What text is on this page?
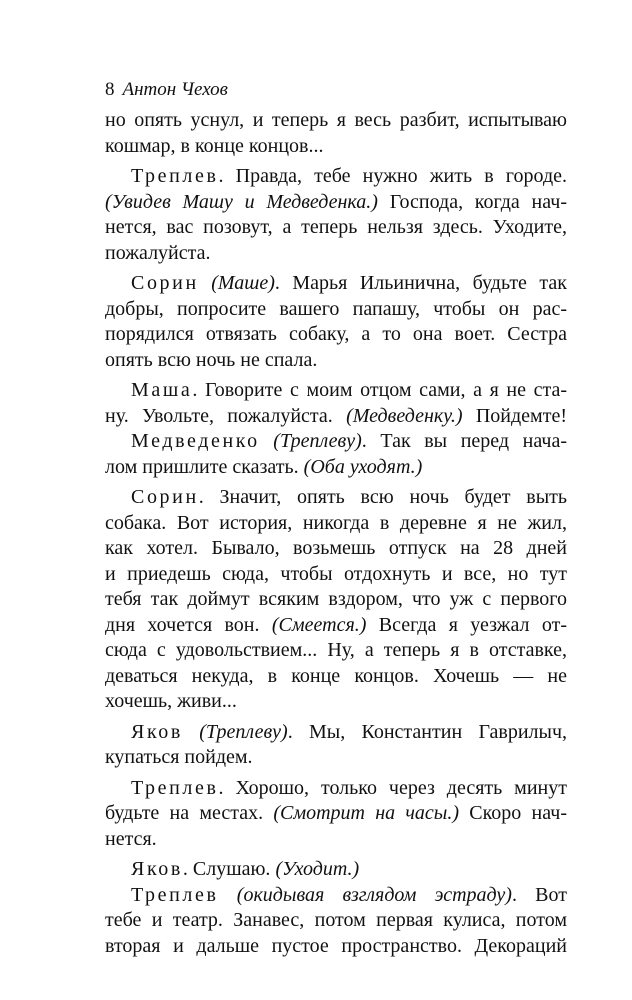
8 Антон Чехов
но опять уснул, и теперь я весь разбит, испытываю
кошмар, в конце концов...
Треплев. Правда, тебе нужно жить в городе.
(Увидев Машу и Медведенка.) Господа, когда нач-
нется, вас позовут, а теперь нельзя здесь. Уходите,
пожалуйста.
Сорин (Маше). Марья Ильинична, будьте так
добры, попросите вашего папашу, чтобы он рас-
порядился отвязать собаку, а то она воет. Сестра
опять всю ночь не спала.
Маша. Говорите с моим отцом сами, а я не ста-
ну. Увольте, пожалуйста. (Медведенку.) Пойдемте!
Медведенко (Треплеву). Так вы перед нача-
лом пришлите сказать. (Оба уходят.)
Сорин. Значит, опять всю ночь будет выть
собака. Вот история, никогда в деревне я не жил,
как хотел. Бывало, возьмешь отпуск на 28 дней
и приедешь сюда, чтобы отдохнуть и все, но тут
тебя так доймут всяким вздором, что уж с первого
дня хочется вон. (Смеется.) Всегда я уезжал от-
сюда с удовольствием... Ну, а теперь я в отставке,
деваться некуда, в конце концов. Хочешь — не
хочешь, живи...
Яков (Треплеву). Мы, Константин Гаврилыч,
купаться пойдем.
Треплев. Хорошо, только через десять минут
будьте на местах. (Смотрит на часы.) Скоро нач-
нется.
Яков. Слушаю. (Уходит.)
Треплев (окидывая взглядом эстраду). Вот
тебе и театр. Занавес, потом первая кулиса, потом
вторая и дальше пустое пространство. Декораций
